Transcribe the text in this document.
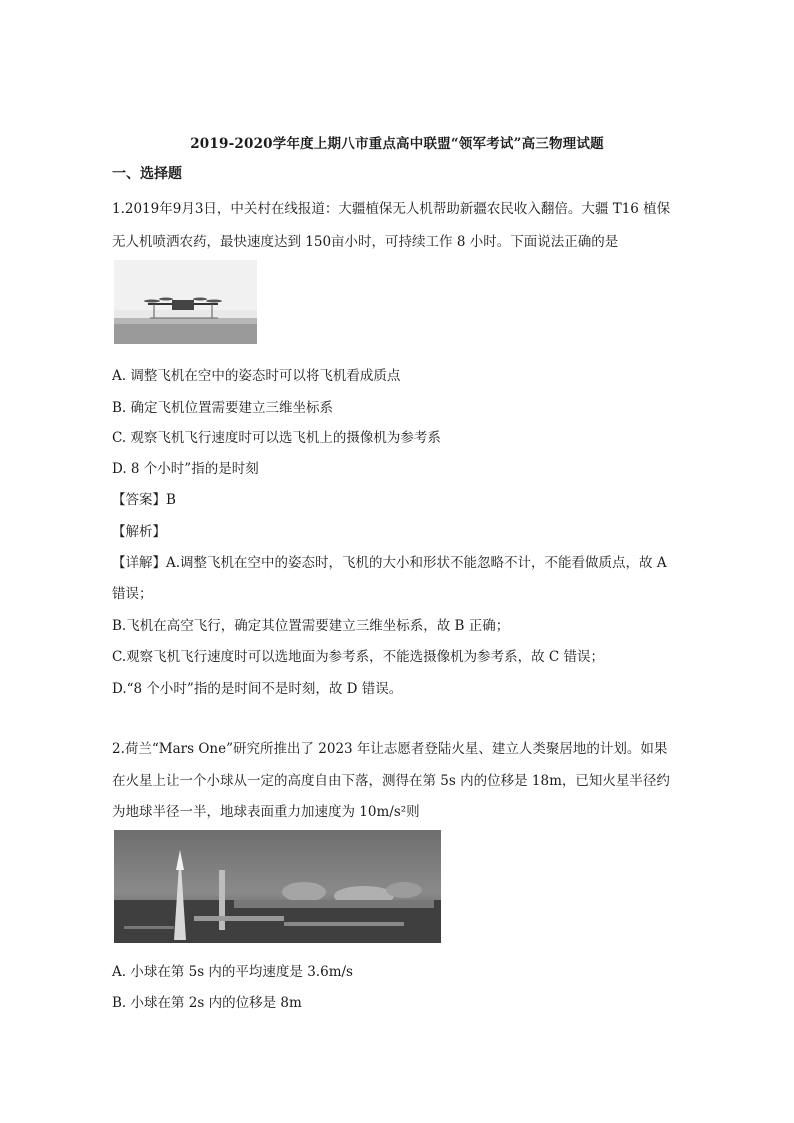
2019-2020学年度上期八市重点高中联盟“领军考试”高三物理试题
一、选择题
1.2019年9月3日，中关村在线报道：大疆植保无人机帮助新疆农民收入翻倍。大疆 T16 植保
无人机喷洒农药，最快速度达到 150亩小时，可持续工作 8 小时。下面说法正确的是
A. 调整飞机在空中的姿态时可以将飞机看成质点
B. 确定飞机位置需要建立三维坐标系
C. 观察飞机飞行速度时可以选飞机上的摄像机为参考系
D. 8 个小时”指的是时刻
【答案】B
【解析】
【详解】A.调整飞机在空中的姿态时，飞机的大小和形状不能忽略不计，不能看做质点，故 A
错误；
B.飞机在高空飞行，确定其位置需要建立三维坐标系，故 B 正确；
C.观察飞机飞行速度时可以选地面为参考系，不能选摄像机为参考系，故 C 错误；
D.“8 个小时”指的是时间不是时刻，故 D 错误。
2.荷兰“Mars One”研究所推出了 2023 年让志愿者登陆火星、建立人类聚居地的计划。如果
在火星上让一个小球从一定的高度自由下落，测得在第 5s 内的位移是 18m，已知火星半径约
为地球半径一半，地球表面重力加速度为 10m/s²则
A. 小球在第 5s 内的平均速度是 3.6m/s
B. 小球在第 2s 内的位移是 8m
